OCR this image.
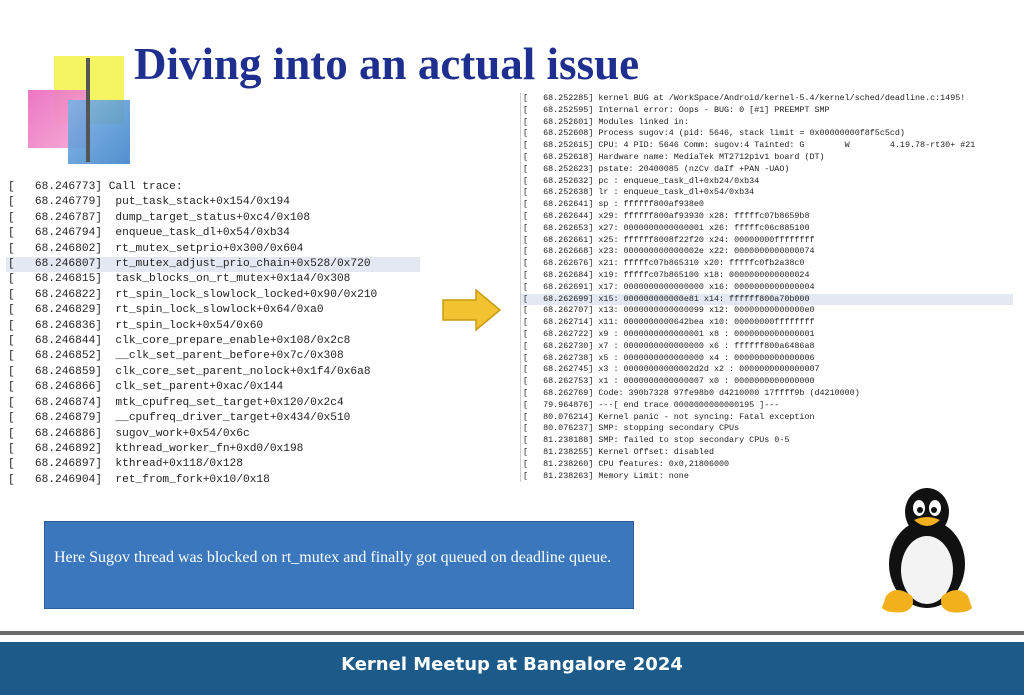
Diving into an actual issue
[   68.246773] Call trace:
[   68.246779]  put_task_stack+0x154/0x194
[   68.246787]  dump_target_status+0xc4/0x108
[   68.246794]  enqueue_task_dl+0x54/0xb34
[   68.246802]  rt_mutex_setprio+0x300/0x604
[   68.246807]  rt_mutex_adjust_prio_chain+0x528/0x720
[   68.246815]  task_blocks_on_rt_mutex+0x1a4/0x308
[   68.246822]  rt_spin_lock_slowlock_locked+0x90/0x210
[   68.246829]  rt_spin_lock_slowlock+0x64/0xa0
[   68.246836]  rt_spin_lock+0x54/0x60
[   68.246844]  clk_core_prepare_enable+0x108/0x2c8
[   68.246852]  __clk_set_parent_before+0x7c/0x308
[   68.246859]  clk_core_set_parent_nolock+0x1f4/0x6a8
[   68.246866]  clk_set_parent+0xac/0x144
[   68.246874]  mtk_cpufreq_set_target+0x120/0x2c4
[   68.246879]  __cpufreq_driver_target+0x434/0x510
[   68.246886]  sugov_work+0x54/0x6c
[   68.246892]  kthread_worker_fn+0xd0/0x198
[   68.246897]  kthread+0x118/0x128
[   68.246904]  ret_from_fork+0x10/0x18
[   68.252285] kernel BUG at /WorkSpace/Android/kernel-5.4/kernel/sched/deadline.c:1495!
[   68.252595] Internal error: Oops - BUG: 0 [#1] PREEMPT SMP
[   68.252601] Modules linked in:
[   68.252608] Process sugov:4 (pid: 5646, stack limit = 0x00000000f8f5c5cd)
[   68.252615] CPU: 4 PID: 5646 Comm: sugov:4 Tainted: G        W        4.19.78-rt30+ #21
[   68.252618] Hardware name: MediaTek MT2712p1v1 board (DT)
[   68.252623] pstate: 20400085 (nzCv daIf +PAN -UAO)
[   68.252632] pc : enqueue_task_dl+0xb24/0xb34
[   68.252638] lr : enqueue_task_dl+0x54/0xb34
[   68.262641] sp : ffffff800af938e0
[   68.262644] x29: ffffff800af93930 x28: fffffc07b8659b8
[   68.262653] x27: 0000000000000001 x26: fffffc06c885100
[   68.262661] x25: ffffff8008f22f20 x24: 00000000ffffffff
[   68.262668] x23: 000000000000002e x22: 0000000000000074
[   68.262676] x21: fffffc07b865310 x20: fffffc0fb2a38c0
[   68.262684] x19: fffffc07b865100 x18: 0000000000000024
[   68.262691] x17: 0000000000000000 x16: 0000000000000004
[   68.262699] x15: 000000000000e81 x14: ffffff800a70b000
[   68.262707] x13: 0000000000000099 x12: 00000000000000e0
[   68.262714] x11: 0000000000642bea x10: 00000000ffffffff
[   68.262722] x9 : 0000000000000001 x8 : 0000000000000001
[   68.262730] x7 : 0000000000000000 x6 : ffffff800a6486a8
[   68.262738] x5 : 0000000000000000 x4 : 0000000000000006
[   68.262745] x3 : 00000000000002d2d x2 : 0000000000000007
[   68.262753] x1 : 0000000000000007 x0 : 0000000000000000
[   68.262769] Code: 390b7328 97fe98b0 d4210000 17ffff9b (d4210000)
[   79.964876] ---[ end trace 0000000000000195 ]---
[   80.076214] Kernel panic - not syncing: Fatal exception
[   80.076237] SMP: stopping secondary CPUs
[   81.238188] SMP: failed to stop secondary CPUs 0-5
[   81.238255] Kernel Offset: disabled
[   81.238260] CPU features: 0x0,21806000
[   81.238263] Memory Limit: none

Here Sugov thread was blocked on rt_mutex and finally got queued on deadline queue.

Kernel Meetup at Bangalore 2024
